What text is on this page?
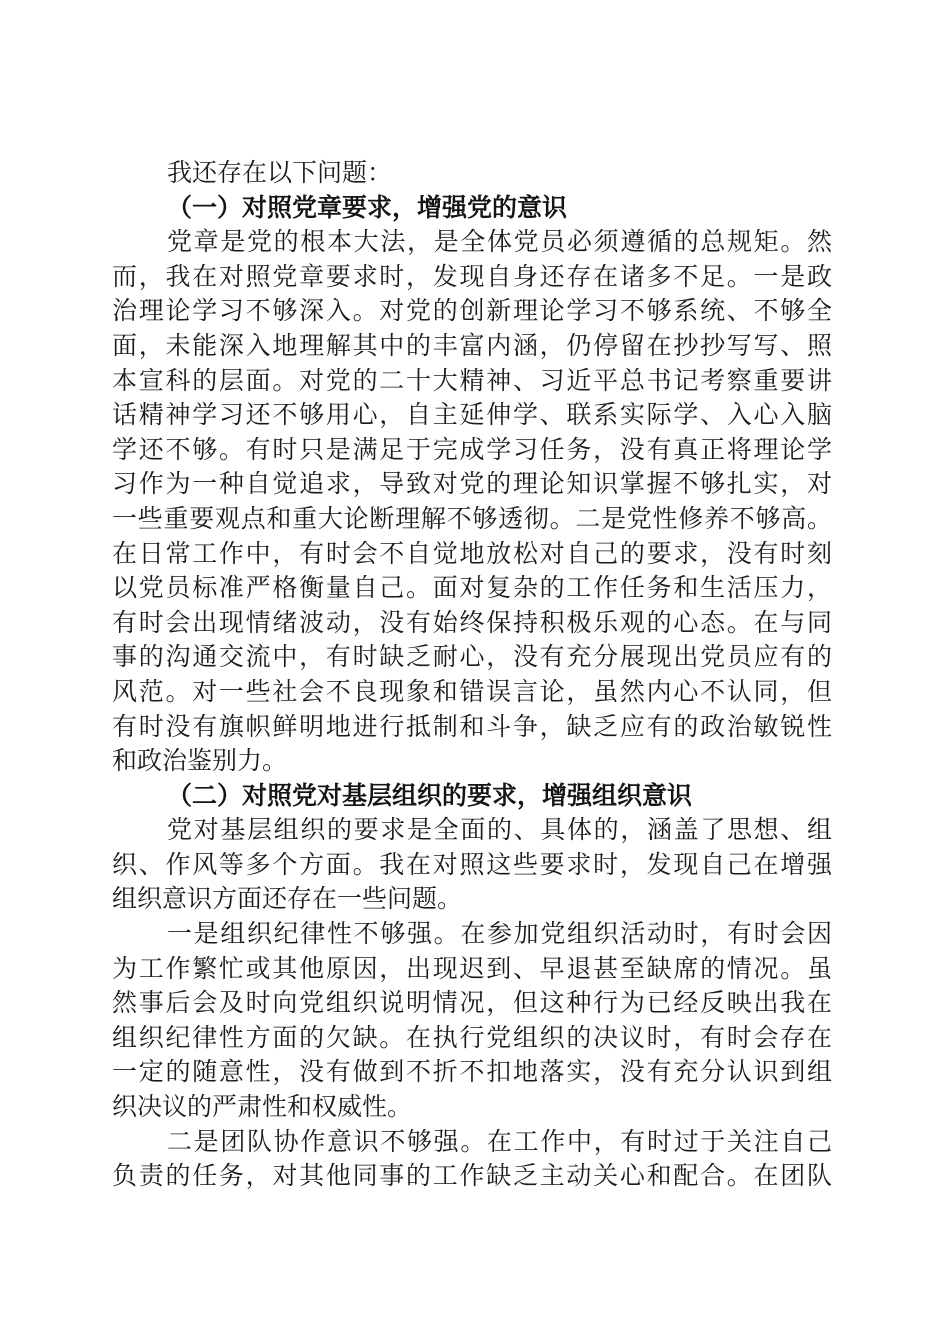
我还存在以下问题：
（一）对照党章要求，增强党的意识
党章是党的根本大法，是全体党员必须遵循的总规矩。然
而，我在对照党章要求时，发现自身还存在诸多不足。一是政
治理论学习不够深入。对党的创新理论学习不够系统、不够全
面，未能深入地理解其中的丰富内涵，仍停留在抄抄写写、照
本宣科的层面。对党的二十大精神、习近平总书记考察重要讲
话精神学习还不够用心，自主延伸学、联系实际学、入心入脑
学还不够。有时只是满足于完成学习任务，没有真正将理论学
习作为一种自觉追求，导致对党的理论知识掌握不够扎实，对
一些重要观点和重大论断理解不够透彻。二是党性修养不够高。
在日常工作中，有时会不自觉地放松对自己的要求，没有时刻
以党员标准严格衡量自己。面对复杂的工作任务和生活压力，
有时会出现情绪波动，没有始终保持积极乐观的心态。在与同
事的沟通交流中，有时缺乏耐心，没有充分展现出党员应有的
风范。对一些社会不良现象和错误言论，虽然内心不认同，但
有时没有旗帜鲜明地进行抵制和斗争，缺乏应有的政治敏锐性
和政治鉴别力。
（二）对照党对基层组织的要求，增强组织意识
党对基层组织的要求是全面的、具体的，涵盖了思想、组
织、作风等多个方面。我在对照这些要求时，发现自己在增强
组织意识方面还存在一些问题。
一是组织纪律性不够强。在参加党组织活动时，有时会因
为工作繁忙或其他原因，出现迟到、早退甚至缺席的情况。虽
然事后会及时向党组织说明情况，但这种行为已经反映出我在
组织纪律性方面的欠缺。在执行党组织的决议时，有时会存在
一定的随意性，没有做到不折不扣地落实，没有充分认识到组
织决议的严肃性和权威性。
二是团队协作意识不够强。在工作中，有时过于关注自己
负责的任务，对其他同事的工作缺乏主动关心和配合。在团队
